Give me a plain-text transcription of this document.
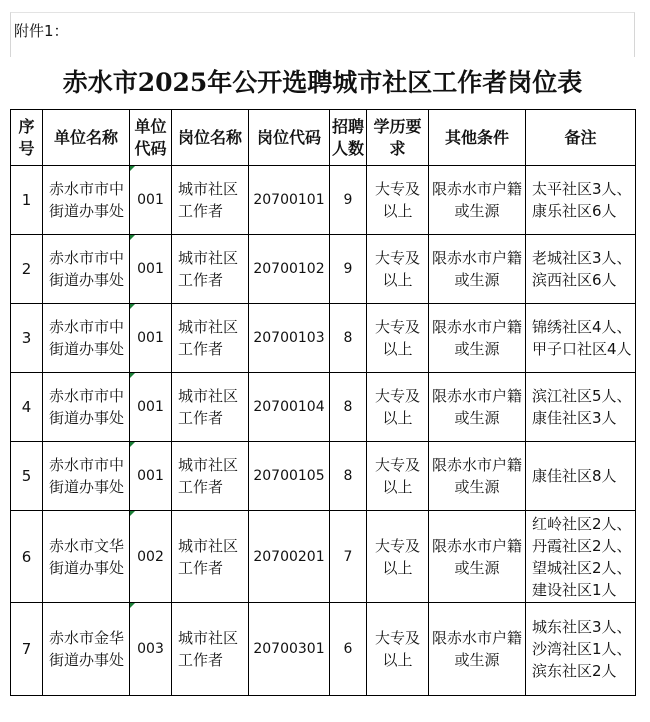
附件1：
赤水市2025年公开选聘城市社区工作者岗位表
序号	单位名称	单位代码	岗位名称	岗位代码	招聘人数	学历要求	其他条件	备注
1	赤水市市中街道办事处	001	城市社区工作者	20700101	9	大专及以上	限赤水市户籍或生源	太平社区3人、康乐社区6人
2	赤水市市中街道办事处	001	城市社区工作者	20700102	9	大专及以上	限赤水市户籍或生源	老城社区3人、滨西社区6人
3	赤水市市中街道办事处	001	城市社区工作者	20700103	8	大专及以上	限赤水市户籍或生源	锦绣社区4人、甲子口社区4人
4	赤水市市中街道办事处	001	城市社区工作者	20700104	8	大专及以上	限赤水市户籍或生源	滨江社区5人、康佳社区3人
5	赤水市市中街道办事处	001	城市社区工作者	20700105	8	大专及以上	限赤水市户籍或生源	康佳社区8人
6	赤水市文华街道办事处	002	城市社区工作者	20700201	7	大专及以上	限赤水市户籍或生源	红岭社区2人、丹霞社区2人、望城社区2人、建设社区1人
7	赤水市金华街道办事处	003	城市社区工作者	20700301	6	大专及以上	限赤水市户籍或生源	城东社区3人、沙湾社区1人、滨东社区2人
